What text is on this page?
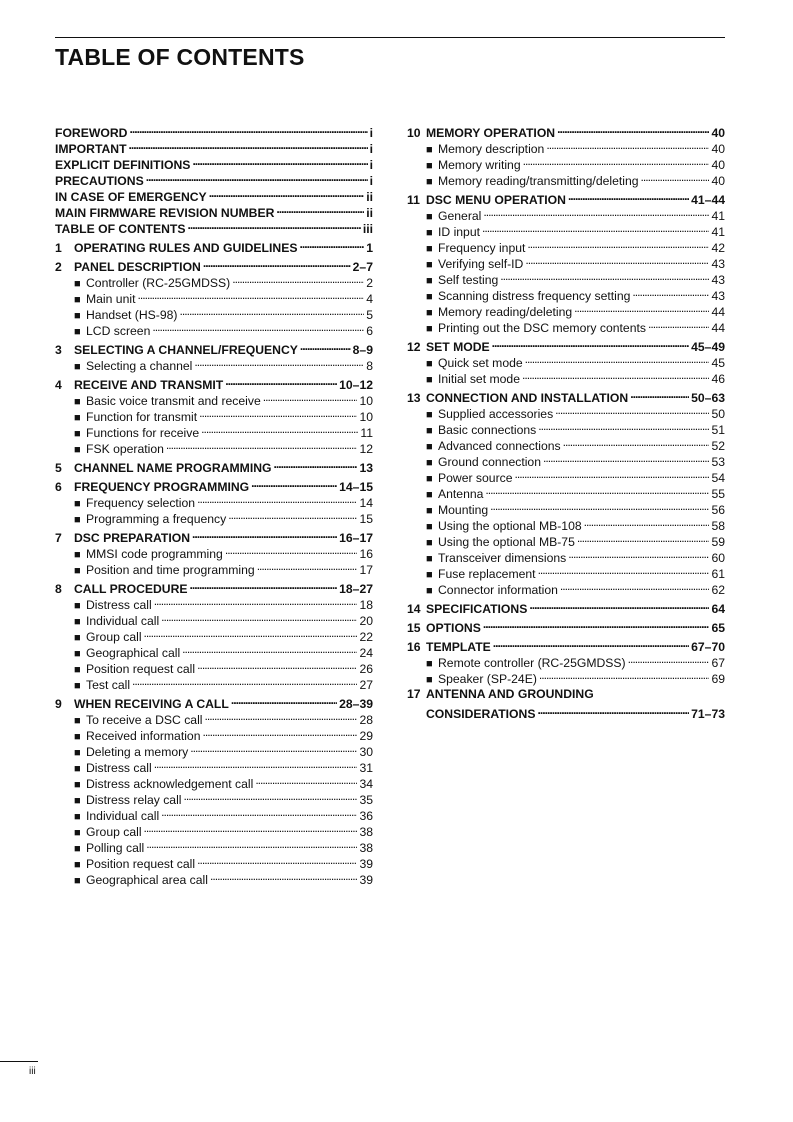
TABLE OF CONTENTS
FOREWORD . . .	i
IMPORTANT . . .	i
EXPLICIT DEFINITIONS . . .	i
PRECAUTIONS . . .	i
IN CASE OF EMERGENCY . . .	ii
MAIN FIRMWARE REVISION NUMBER . . .	ii
TABLE OF CONTENTS . . .	iii
1	OPERATING RULES AND GUIDELINES . . .	1
2	PANEL DESCRIPTION . . .	2–7
■ Controller (RC-25GMDSS) . . .	2
■ Main unit . . .	4
■ Handset (HS-98) . . .	5
■ LCD screen . . .	6
3	SELECTING A CHANNEL/FREQUENCY . . .	8–9
■ Selecting a channel . . .	8
4	RECEIVE AND TRANSMIT . . .	10–12
■ Basic voice transmit and receive . . .	10
■ Function for transmit . . .	10
■ Functions for receive . . .	11
■ FSK operation . . .	12
5	CHANNEL NAME PROGRAMMING . . .	13
6	FREQUENCY PROGRAMMING . . .	14–15
■ Frequency selection . . .	14
■ Programming a frequency . . .	15
7	DSC PREPARATION . . .	16–17
■ MMSI code programming . . .	16
■ Position and time programming . . .	17
8	CALL PROCEDURE . . .	18–27
■ Distress call . . .	18
■ Individual call . . .	20
■ Group call . . .	22
■ Geographical call . . .	24
■ Position request call . . .	26
■ Test call . . .	27
9	WHEN RECEIVING A CALL . . .	28–39
■ To receive a DSC call . . .	28
■ Received information . . .	29
■ Deleting a memory . . .	30
■ Distress call . . .	31
■ Distress acknowledgement call . . .	34
■ Distress relay call . . .	35
■ Individual call . . .	36
■ Group call . . .	38
■ Polling call . . .	38
■ Position request call . . .	39
■ Geographical area call . . .	39
10 MEMORY OPERATION . . .	40
■ Memory description . . .	40
■ Memory writing . . .	40
■ Memory reading/transmitting/deleting . . .	40
11 DSC MENU OPERATION . . .	41–44
■ General . . .	41
■ ID input . . .	41
■ Frequency input . . .	42
■ Verifying self-ID . . .	43
■ Self testing . . .	43
■ Scanning distress frequency setting . . .	43
■ Memory reading/deleting . . .	44
■ Printing out the DSC memory contents . . .	44
12 SET MODE . . .	45–49
■ Quick set mode . . .	45
■ Initial set mode . . .	46
13 CONNECTION AND INSTALLATION . . .	50–63
■ Supplied accessories . . .	50
■ Basic connections . . .	51
■ Advanced connections . . .	52
■ Ground connection . . .	53
■ Power source . . .	54
■ Antenna . . .	55
■ Mounting . . .	56
■ Using the optional MB-108 . . .	58
■ Using the optional MB-75 . . .	59
■ Transceiver dimensions . . .	60
■ Fuse replacement . . .	61
■ Connector information . . .	62
14 SPECIFICATIONS . . .	64
15 OPTIONS . . .	65
16 TEMPLATE . . .	67–70
■ Remote controller (RC-25GMDSS) . . .	67
■ Speaker (SP-24E) . . .	69
17 ANTENNA AND GROUNDING
CONSIDERATIONS . . .	71–73
iii
